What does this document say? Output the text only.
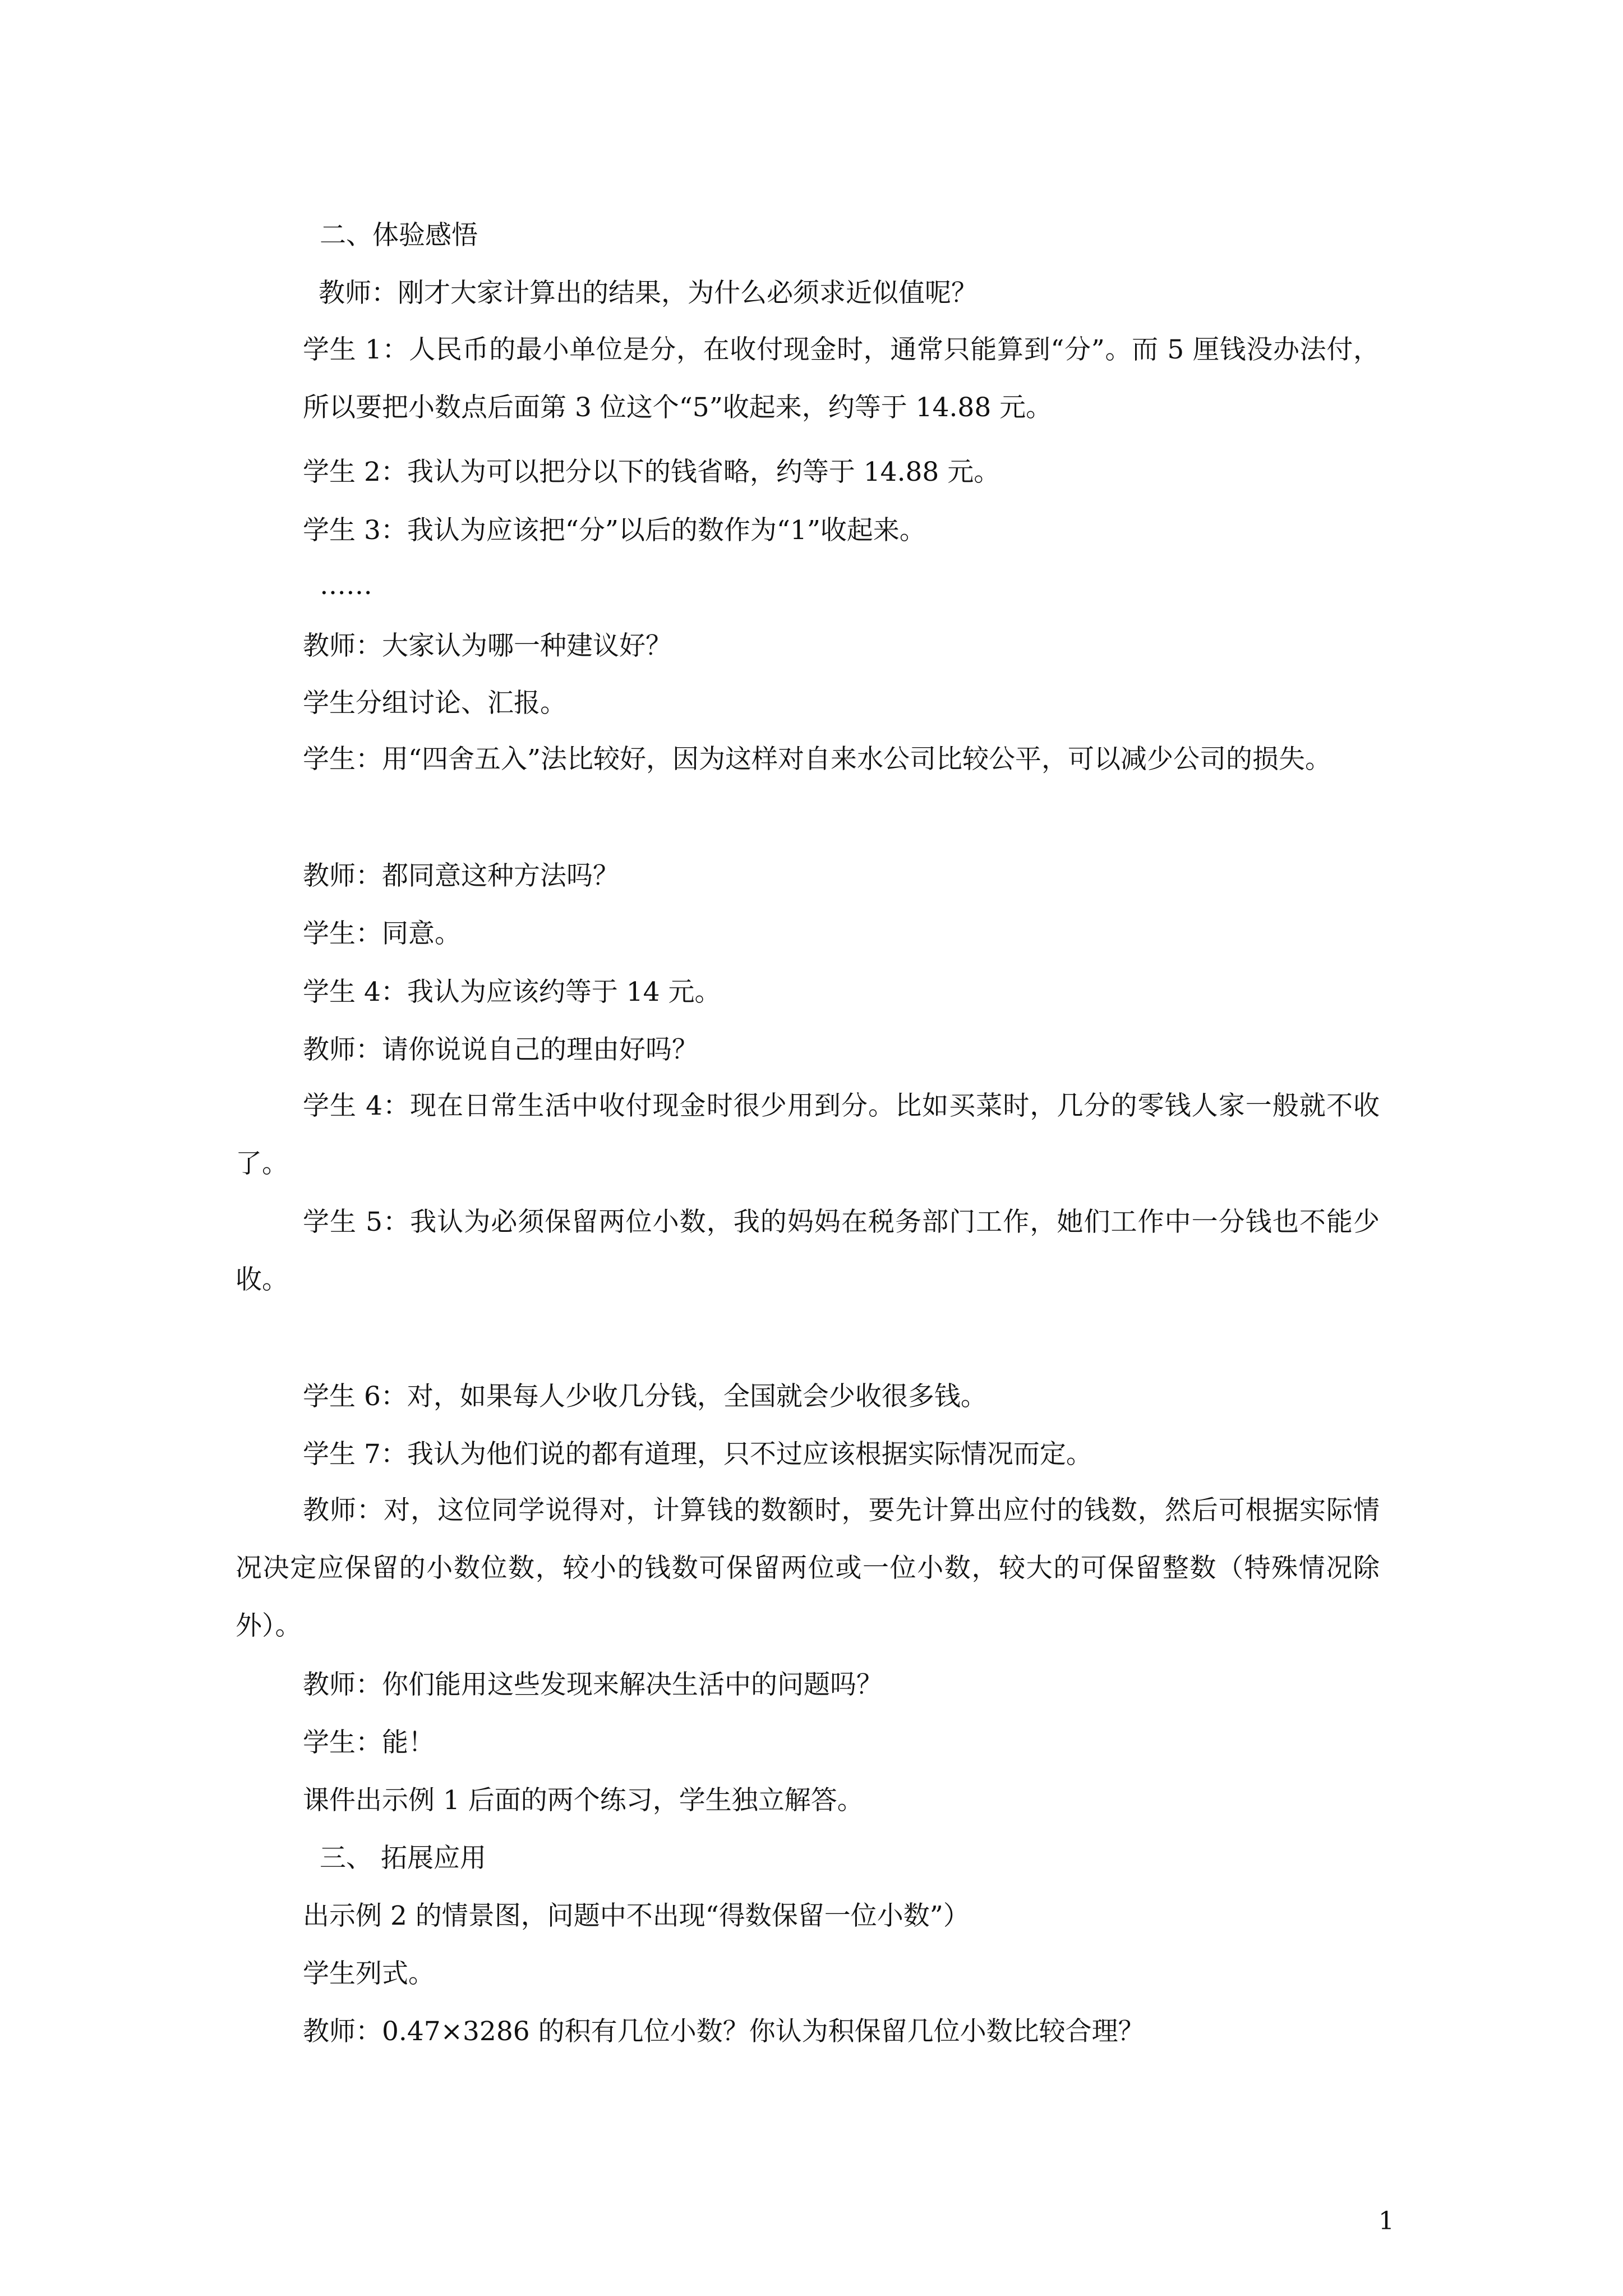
二、体验感悟
教师：刚才大家计算出的结果，为什么必须求近似值呢？
学生 1：人民币的最小单位是分，在收付现金时，通常只能算到“分”。而 5 厘钱没办法付，所以要把小数点后面第 3 位这个“5”收起来，约等于 14.88 元。
学生 2：我认为可以把分以下的钱省略，约等于 14.88 元。
学生 3：我认为应该把“分”以后的数作为“1”收起来。
……
教师：大家认为哪一种建议好？
学生分组讨论、汇报。
学生：用“四舍五入”法比较好，因为这样对自来水公司比较公平，可以减少公司的损失。
教师：都同意这种方法吗？
学生：同意。
学生 4：我认为应该约等于 14 元。
教师：请你说说自己的理由好吗？
学生 4：现在日常生活中收付现金时很少用到分。比如买菜时，几分的零钱人家一般就不收了。
学生 5：我认为必须保留两位小数，我的妈妈在税务部门工作，她们工作中一分钱也不能少收。
学生 6：对，如果每人少收几分钱，全国就会少收很多钱。
学生 7：我认为他们说的都有道理，只不过应该根据实际情况而定。
教师：对，这位同学说得对，计算钱的数额时，要先计算出应付的钱数，然后可根据实际情况决定应保留的小数位数，较小的钱数可保留两位或一位小数，较大的可保留整数（特殊情况除外）。
教师：你们能用这些发现来解决生活中的问题吗？
学生：能！
课件出示例 1 后面的两个练习，学生独立解答。
三、 拓展应用
出示例 2 的情景图，问题中不出现“得数保留一位小数”）
学生列式。
教师：0.47×3286 的积有几位小数？你认为积保留几位小数比较合理？
1
